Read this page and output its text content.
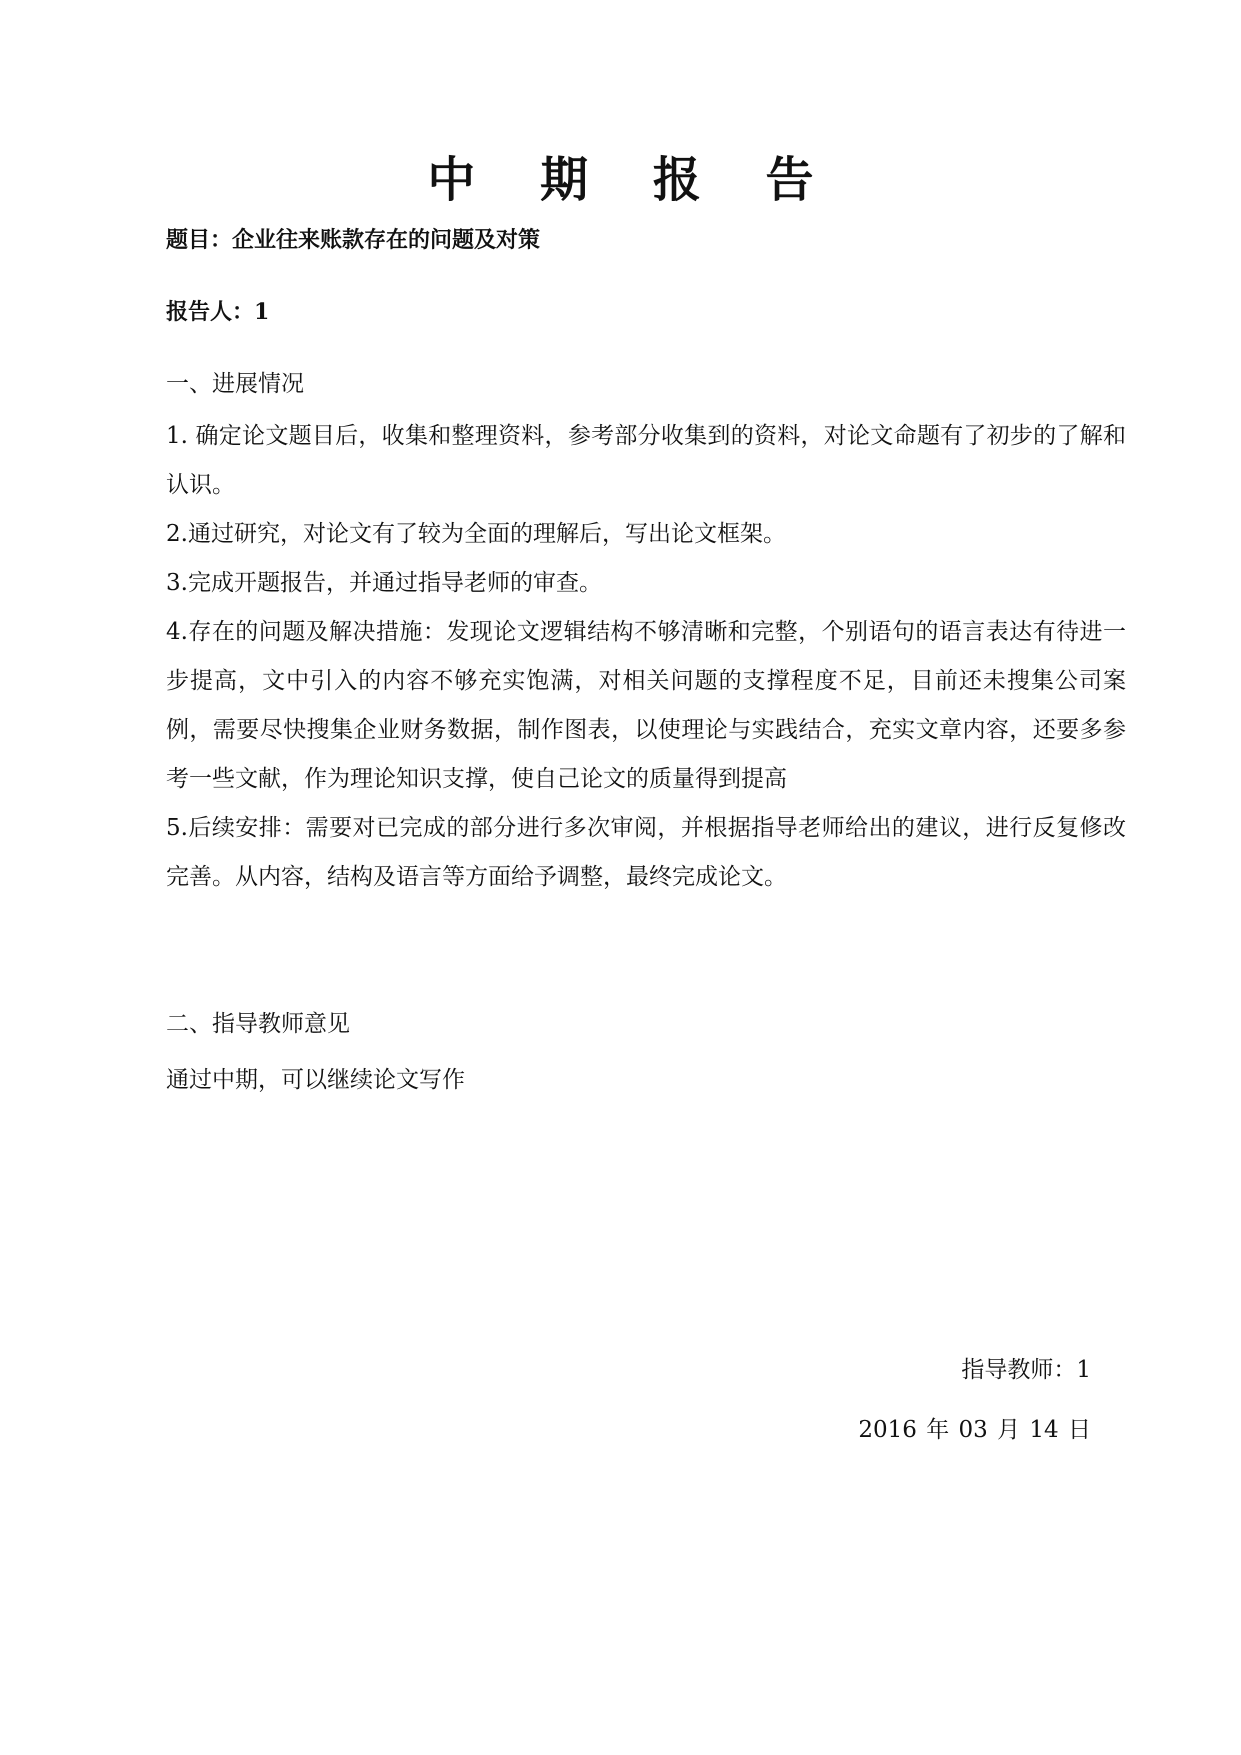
中 期 报 告
题目：企业往来账款存在的问题及对策
报告人：1
一、进展情况

1. 确定论文题目后，收集和整理资料，参考部分收集到的资料，对论文命题有了初步的了解和认识。

2.通过研究，对论文有了较为全面的理解后，写出论文框架。

3.完成开题报告，并通过指导老师的审查。

4.存在的问题及解决措施：发现论文逻辑结构不够清晰和完整，个别语句的语言表达有待进一步提高，文中引入的内容不够充实饱满，对相关问题的支撑程度不足，目前还未搜集公司案例，需要尽快搜集企业财务数据，制作图表，以使理论与实践结合，充实文章内容，还要多参考一些文献，作为理论知识支撑，使自己论文的质量得到提高

5.后续安排：需要对已完成的部分进行多次审阅，并根据指导老师给出的建议，进行反复修改完善。从内容，结构及语言等方面给予调整，最终完成论文。

二、指导教师意见
通过中期，可以继续论文写作
指导教师：1
2016 年 03 月 14 日
